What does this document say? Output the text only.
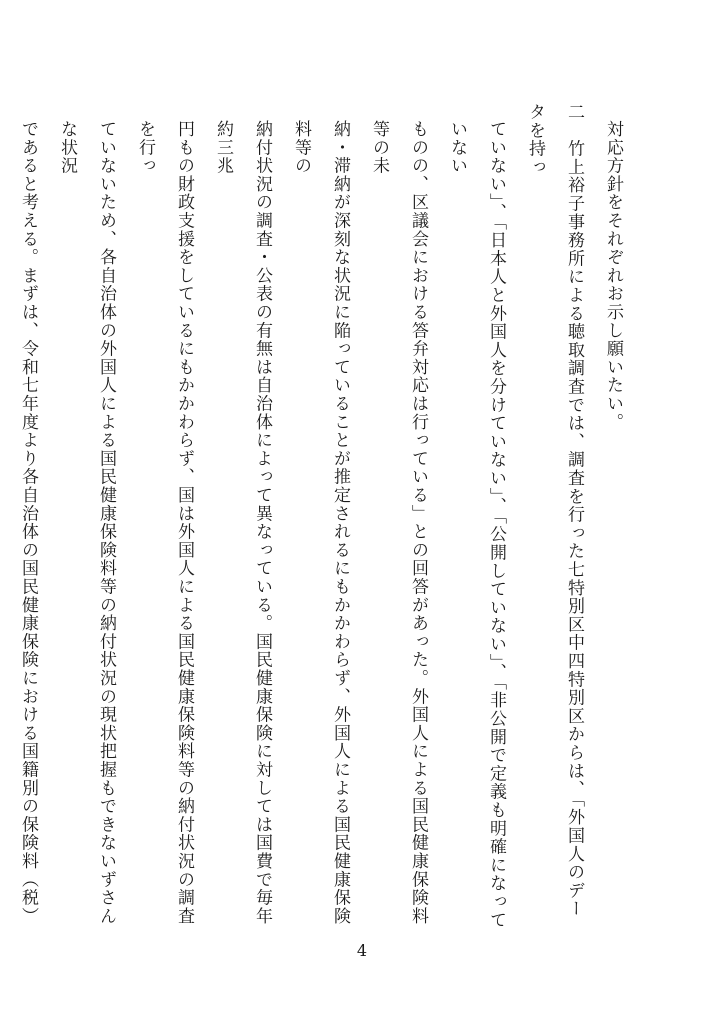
対応方針をそれぞれお示し願いたい。
二　竹上裕子事務所による聴取調査では、調査を行った七特別区中四特別区からは、「外国人のデータを持っ
ていない」、「日本人と外国人を分けていない」、「公開していない」、「非公開で定義も明確になっていない
ものの、区議会における答弁対応は行っている」との回答があった。外国人による国民健康保険料等の未
納・滞納が深刻な状況に陥っていることが推定されるにもかかわらず、外国人による国民健康保険料等の
納付状況の調査・公表の有無は自治体によって異なっている。国民健康保険に対しては国費で毎年約三兆
円もの財政支援をしているにもかかわらず、国は外国人による国民健康保険料等の納付状況の調査を行っ
ていないため、各自治体の外国人による国民健康保険料等の納付状況の現状把握もできないずさんな状況
であると考える。まずは、令和七年度より各自治体の国民健康保険における国籍別の保険料（税）
4
